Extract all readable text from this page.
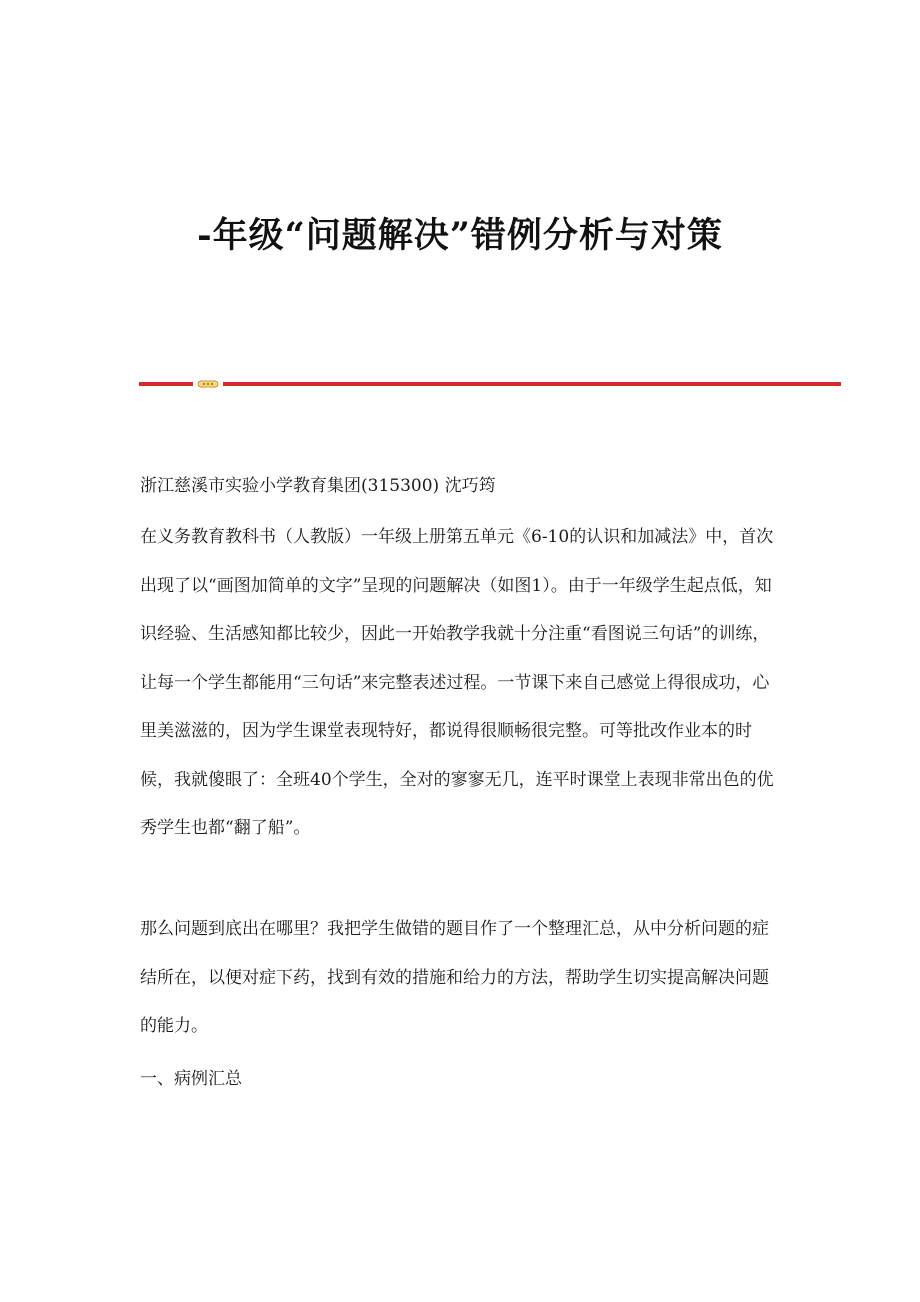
-年级“问题解决”错例分析与对策

浙江慈溪市实验小学教育集团(315300) 沈巧筠

在义务教育教科书（人教版）一年级上册第五单元《6-10的认识和加减法》中，首次出现了以“画图加简单的文字”呈现的问题解决（如图1）。由于一年级学生起点低，知识经验、生活感知都比较少，因此一开始教学我就十分注重“看图说三句话”的训练，让每一个学生都能用“三句话”来完整表述过程。一节课下来自己感觉上得很成功，心里美滋滋的，因为学生课堂表现特好，都说得很顺畅很完整。可等批改作业本的时候，我就傻眼了：全班40个学生，全对的寥寥无几，连平时课堂上表现非常出色的优秀学生也都“翻了船”。

那么问题到底出在哪里？我把学生做错的题目作了一个整理汇总，从中分析问题的症结所在，以便对症下药，找到有效的措施和给力的方法，帮助学生切实提高解决问题的能力。

一、病例汇总
